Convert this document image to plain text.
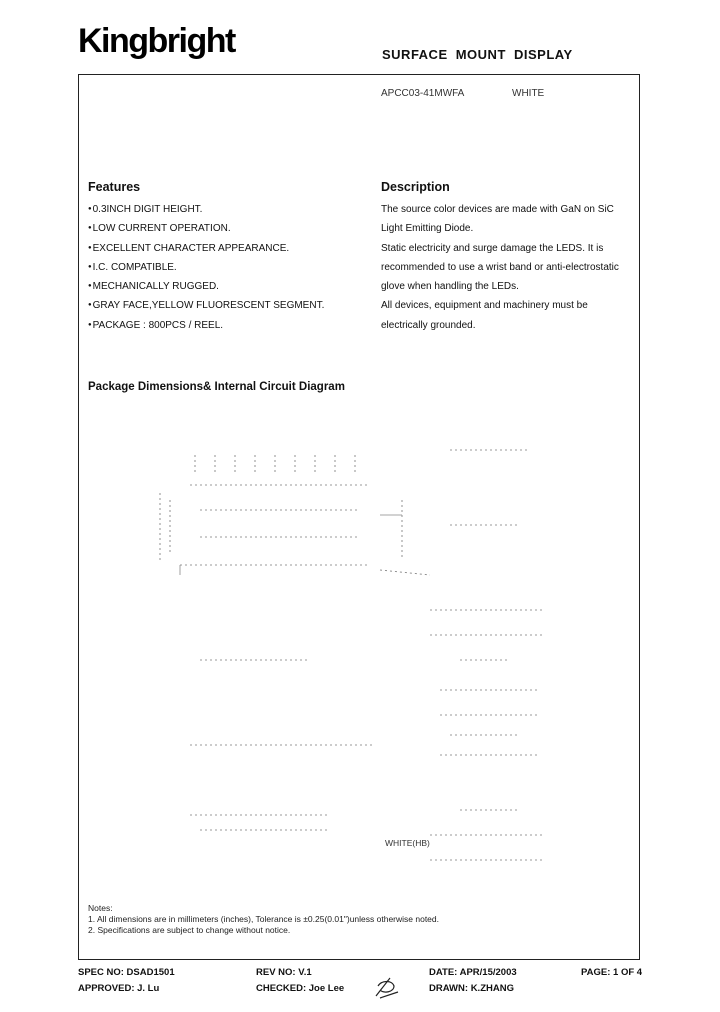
Kingbright	SURFACE MOUNT DISPLAY
APCC03-41MWFA	WHITE
Features
● 0.3INCH DIGIT HEIGHT.
● LOW CURRENT OPERATION.
● EXCELLENT CHARACTER APPEARANCE.
● I.C. COMPATIBLE.
● MECHANICALLY RUGGED.
● GRAY FACE,YELLOW FLUORESCENT SEGMENT.
● PACKAGE : 800PCS / REEL.
Description
The source color devices are made with GaN on SiC
Light Emitting Diode.
Static electricity and surge damage the LEDS. It is
recommended to use a wrist band or anti-electrostatic
glove when handling the LEDs.
All devices, equipment and machinery must be
electrically grounded.
Package Dimensions& Internal Circuit Diagram
WHITE(HB)
Notes:
1. All dimensions are in millimeters (inches), Tolerance is ±0.25(0.01")unless otherwise noted.
2. Specifications are subject to change without notice.
SPEC NO: DSAD1501	REV NO: V.1	DATE: APR/15/2003	PAGE: 1 OF 4
APPROVED: J. Lu	CHECKED: Joe Lee	DRAWN: K.ZHANG
